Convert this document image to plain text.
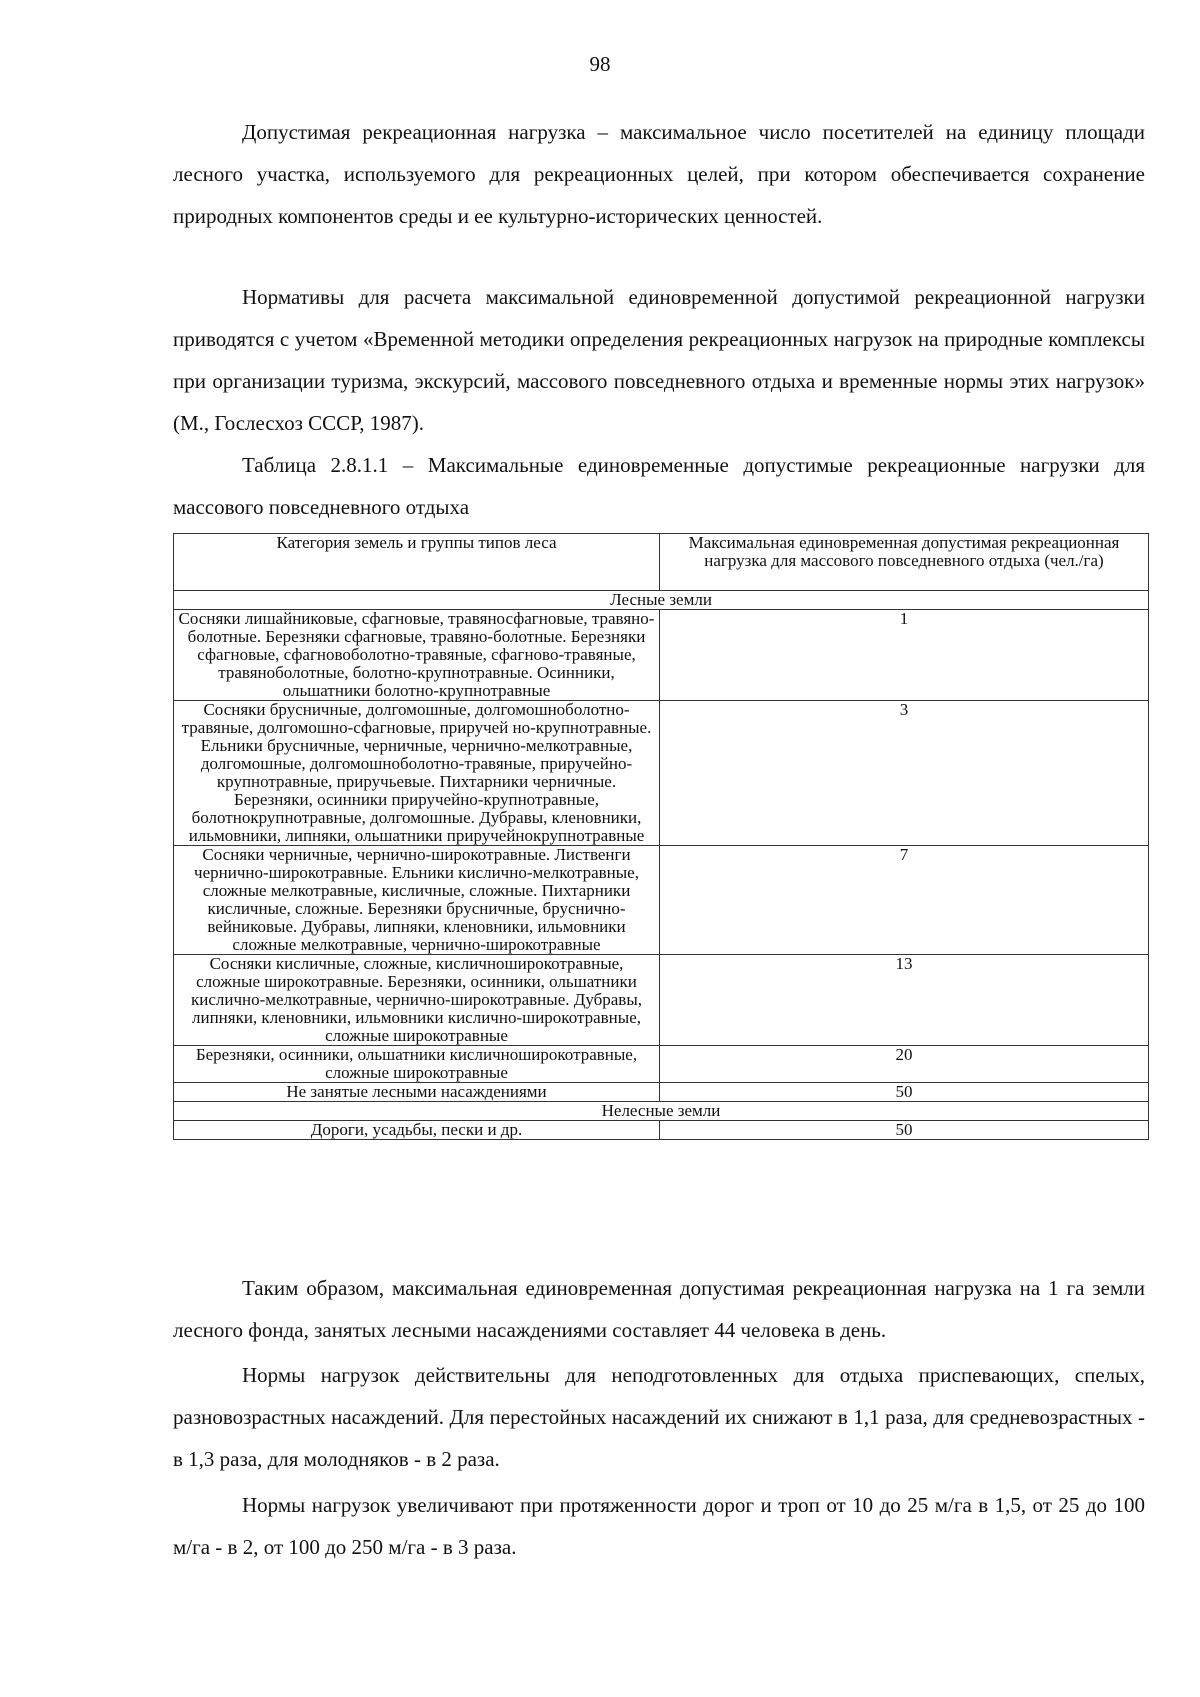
98

Допустимая рекреационная нагрузка – максимальное число посетителей на единицу площади лесного участка, используемого для рекреационных целей, при котором обеспечивается сохранение природных компонентов среды и ее культурно-исторических ценностей.

Нормативы для расчета максимальной единовременной допустимой рекреационной нагрузки приводятся с учетом «Временной методики определения рекреационных нагрузок на природные комплексы при организации туризма, экскурсий, массового повседневного отдыха и временные нормы этих нагрузок» (М., Гослесхоз СССР, 1987).

Таблица 2.8.1.1 – Максимальные единовременные допустимые рекреационные нагрузки для массового повседневного отдыха

Категория земель и группы типов леса	Максимальная единовременная допустимая рекреационная нагрузка для массового повседневного отдыха (чел./га)
Лесные земли	
Сосняки лишайниковые, сфагновые, травяносфагновые, травяно-болотные. Березняки сфагновые, травяно-болотные. Березняки сфагновые, сфагновоболотно-травяные, сфагново-травяные, травяноболотные, болотно-крупнотравные. Осинники, ольшатники болотно-крупнотравные	1
Сосняки брусничные, долгомошные, долгомошноболотно-травяные, долгомошно-сфагновые, приручей но-крупнотравные. Ельники брусничные, черничные, чернично-мелкотравные, долгомошные, долгомошноболотно-травяные, приручейно-крупнотравные, приручьевые. Пихтарники черничные. Березняки, осинники приручейно-крупнотравные, болотнокрупнотравные, долгомошные. Дубравы, кленовники, ильмовники, липняки, ольшатники приручейнокрупнотравные	3
Сосняки черничные, чернично-широкотравные. Лиственги чернично-широкотравные. Ельники кислично-мелкотравные, сложные мелкотравные, кисличные, сложные. Пихтарники кисличные, сложные. Березняки брусничные, бруснично-вейниковые. Дубравы, липняки, кленовники, ильмовники сложные мелкотравные, чернично-широкотравные	7
Сосняки кисличные, сложные, кисличноширокотравные, сложные широкотравные. Березняки, осинники, ольшатники кислично-мелкотравные, чернично-широкотравные. Дубравы, липняки, кленовники, ильмовники кислично-широкотравные, сложные широкотравные	13
Березняки, осинники, ольшатники кисличноширокотравные, сложные широкотравные	20
Не занятые лесными насаждениями	50
Нелесные земли	
Дороги, усадьбы, пески и др.	50

Таким образом, максимальная единовременная допустимая рекреационная нагрузка на 1 га земли лесного фонда, занятых лесными насаждениями составляет 44 человека в день.

Нормы нагрузок действительны для неподготовленных для отдыха приспевающих, спелых, разновозрастных насаждений. Для перестойных насаждений их снижают в 1,1 раза, для средневозрастных - в 1,3 раза, для молодняков - в 2 раза.

Нормы нагрузок увеличивают при протяженности дорог и троп от 10 до 25 м/га в 1,5, от 25 до 100 м/га - в 2, от 100 до 250 м/га - в 3 раза.
